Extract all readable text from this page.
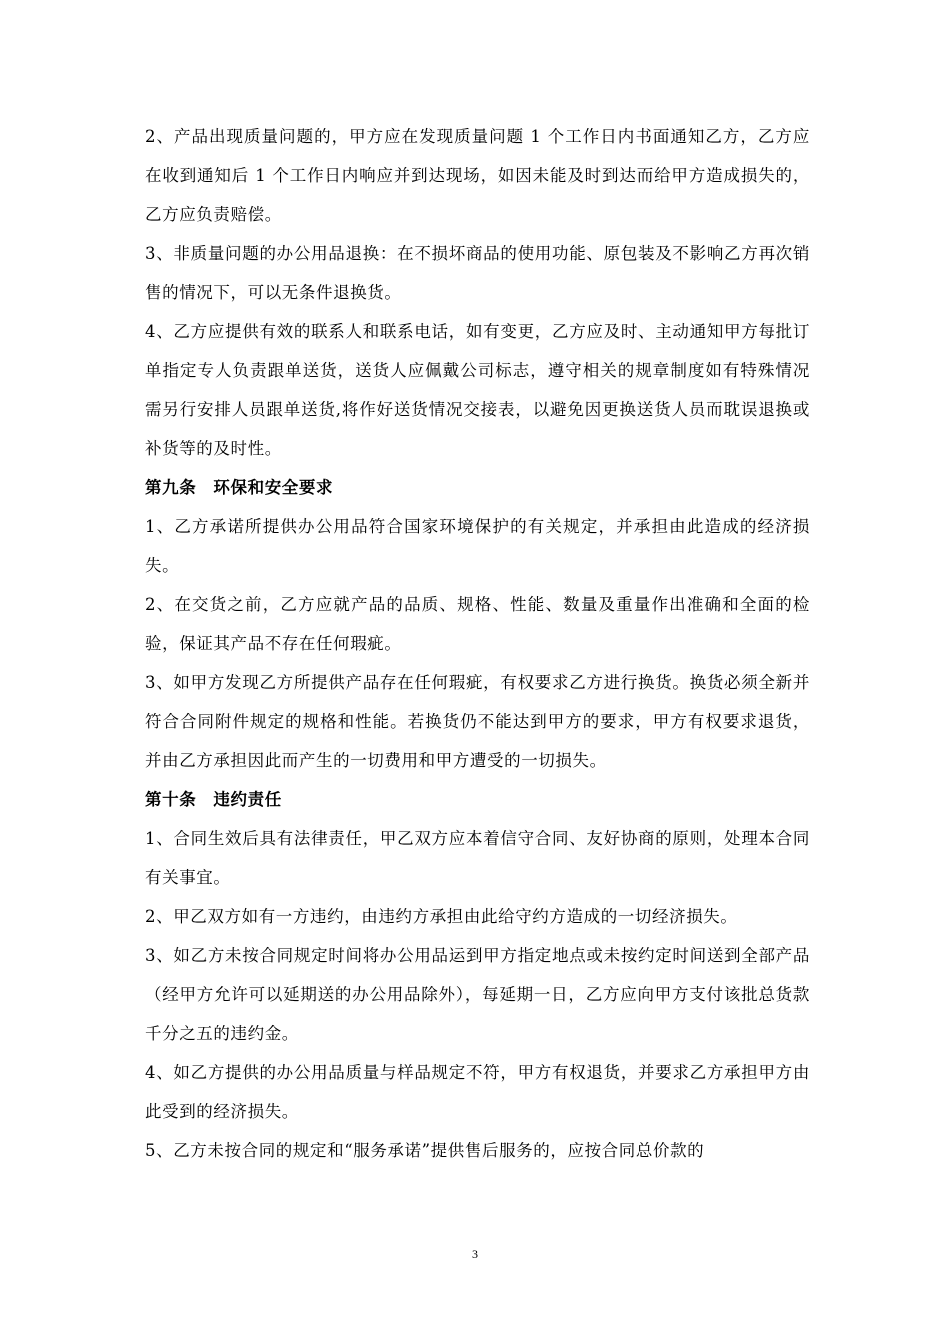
2、产品出现质量问题的，甲方应在发现质量问题 1 个工作日内书面通知乙方，乙方应在收到通知后 1 个工作日内响应并到达现场，如因未能及时到达而给甲方造成损失的，乙方应负责赔偿。

3、非质量问题的办公用品退换：在不损坏商品的使用功能、原包装及不影响乙方再次销售的情况下，可以无条件退换货。

4、乙方应提供有效的联系人和联系电话，如有变更，乙方应及时、主动通知甲方每批订单指定专人负责跟单送货，送货人应佩戴公司标志，遵守相关的规章制度如有特殊情况需另行安排人员跟单送货,将作好送货情况交接表，以避免因更换送货人员而耽误退换或补货等的及时性。

第九条　环保和安全要求

1、乙方承诺所提供办公用品符合国家环境保护的有关规定，并承担由此造成的经济损失。

2、在交货之前，乙方应就产品的品质、规格、性能、数量及重量作出准确和全面的检验，保证其产品不存在任何瑕疵。

3、如甲方发现乙方所提供产品存在任何瑕疵，有权要求乙方进行换货。换货必须全新并符合合同附件规定的规格和性能。若换货仍不能达到甲方的要求，甲方有权要求退货，并由乙方承担因此而产生的一切费用和甲方遭受的一切损失。

第十条　违约责任

1、合同生效后具有法律责任，甲乙双方应本着信守合同、友好协商的原则，处理本合同有关事宜。

2、甲乙双方如有一方违约，由违约方承担由此给守约方造成的一切经济损失。

3、如乙方未按合同规定时间将办公用品运到甲方指定地点或未按约定时间送到全部产品（经甲方允许可以延期送的办公用品除外），每延期一日，乙方应向甲方支付该批总货款千分之五的违约金。

4、如乙方提供的办公用品质量与样品规定不符，甲方有权退货，并要求乙方承担甲方由此受到的经济损失。

5、乙方未按合同的规定和“服务承诺”提供售后服务的，应按合同总价款的

3
